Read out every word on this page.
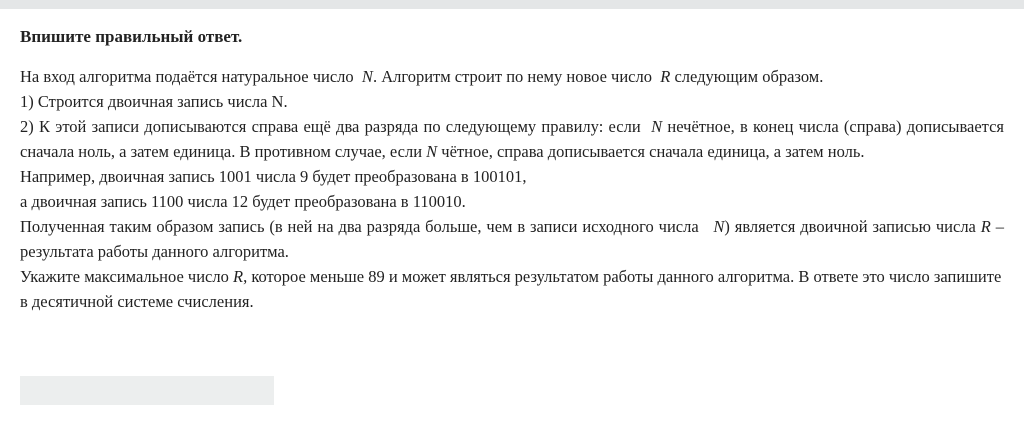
Впишите правильный ответ.

На вход алгоритма подаётся натуральное число N. Алгоритм строит по нему новое число R следующим образом.

1) Строится двоичная запись числа N.

2) К этой записи дописываются справа ещё два разряда по следующему правилу: если N нечётное, в конец числа (справа) дописывается сначала ноль, а затем единица. В противном случае, если N чётное, справа дописывается сначала единица, а затем ноль.

Например, двоичная запись 1001 числа 9 будет преобразована в 100101,

а двоичная запись 1100 числа 12 будет преобразована в 110010.

Полученная таким образом запись (в ней на два разряда больше, чем в записи исходного числа N) является двоичной записью числа R – результата работы данного алгоритма.

Укажите максимальное число R, которое меньше 89 и может являться результатом работы данного алгоритма. В ответе это число запишите

в десятичной системе счисления.
